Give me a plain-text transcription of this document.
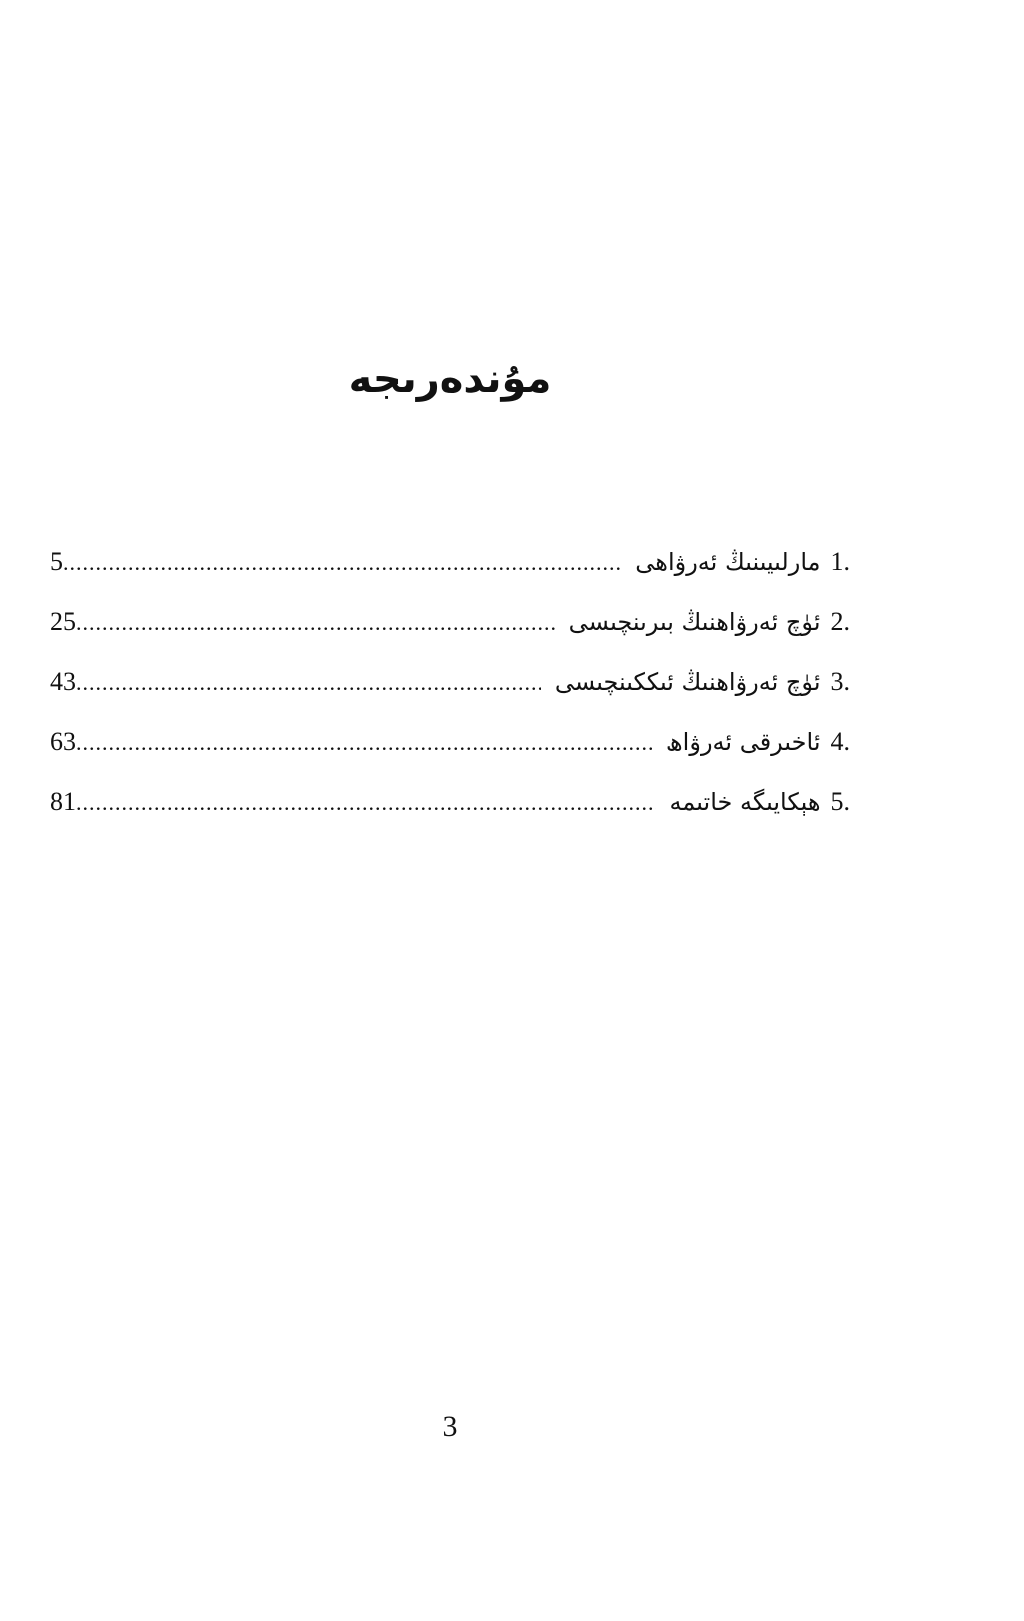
مۇندەرىجە
5 .....	مارلىيىنىڭ ئەرۋاھى 1.
25 .....	ئۈچ ئەرۋاھنىڭ بىرىنچىسى 2.
43 .....	ئۈچ ئەرۋاھنىڭ ئىككىنچىسى 3.
63 .....	ئاخىرقى ئەرۋاھ 4.
81 .....	ھېكايىگە خاتىمە 5.
3
